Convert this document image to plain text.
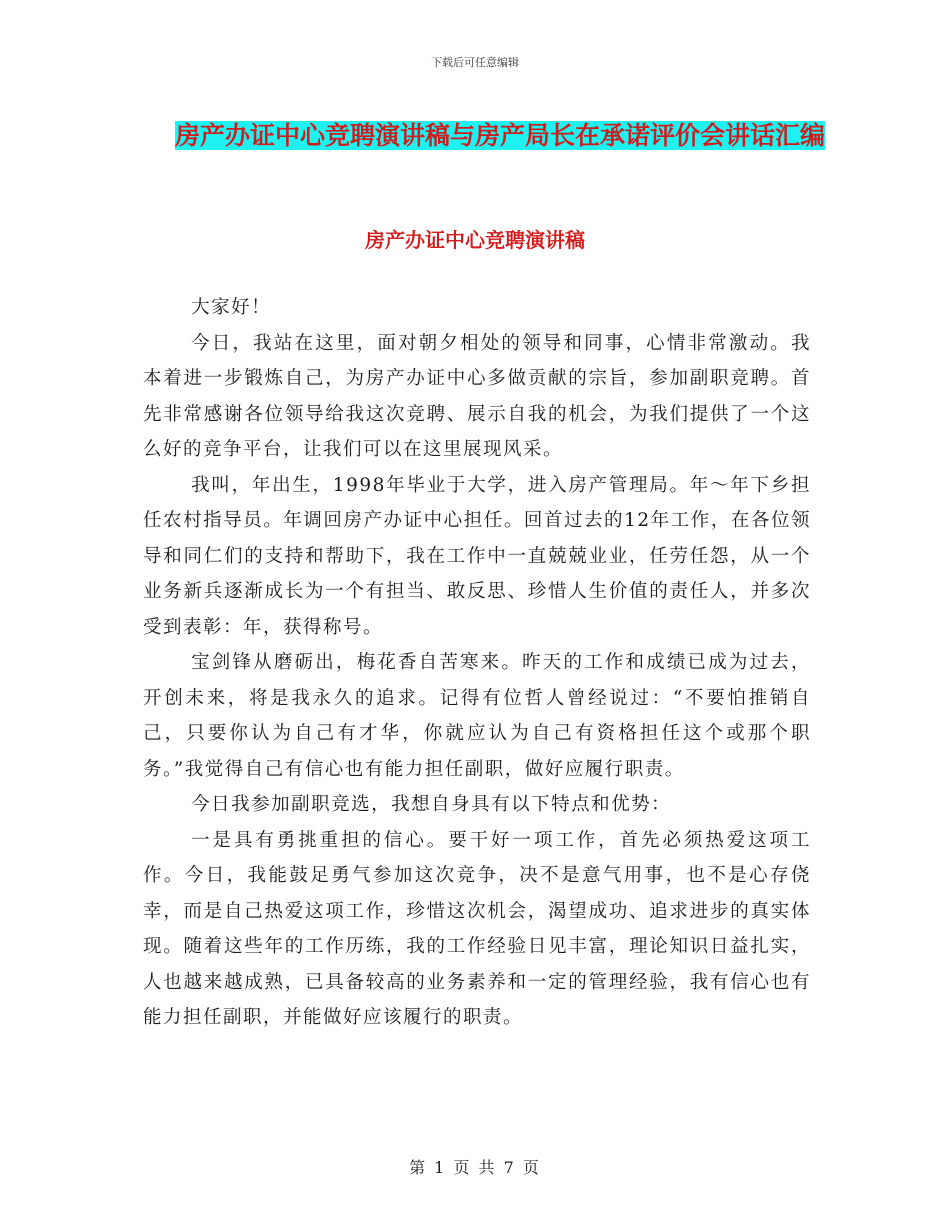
下载后可任意编辑
房产办证中心竞聘演讲稿与房产局长在承诺评价会讲话汇编
房产办证中心竞聘演讲稿

大家好！

今日，我站在这里，面对朝夕相处的领导和同事，心情非常激动。我本着进一步锻炼自己，为房产办证中心多做贡献的宗旨，参加副职竞聘。首先非常感谢各位领导给我这次竞聘、展示自我的机会，为我们提供了一个这么好的竞争平台，让我们可以在这里展现风采。

我叫，年出生，1998年毕业于大学，进入房产管理局。年～年下乡担任农村指导员。年调回房产办证中心担任。回首过去的12年工作，在各位领导和同仁们的支持和帮助下，我在工作中一直兢兢业业，任劳任怨，从一个业务新兵逐渐成长为一个有担当、敢反思、珍惜人生价值的责任人，并多次受到表彰：年，获得称号。

宝剑锋从磨砺出，梅花香自苦寒来。昨天的工作和成绩已成为过去，开创未来，将是我永久的追求。记得有位哲人曾经说过：“不要怕推销自己，只要你认为自己有才华，你就应认为自己有资格担任这个或那个职务。”我觉得自己有信心也有能力担任副职，做好应履行职责。

今日我参加副职竞选，我想自身具有以下特点和优势：

一是具有勇挑重担的信心。要干好一项工作，首先必须热爱这项工作。今日，我能鼓足勇气参加这次竞争，决不是意气用事，也不是心存侥幸，而是自己热爱这项工作，珍惜这次机会，渴望成功、追求进步的真实体现。随着这些年的工作历练，我的工作经验日见丰富，理论知识日益扎实，人也越来越成熟，已具备较高的业务素养和一定的管理经验，我有信心也有能力担任副职，并能做好应该履行的职责。

第 1 页 共 7 页
